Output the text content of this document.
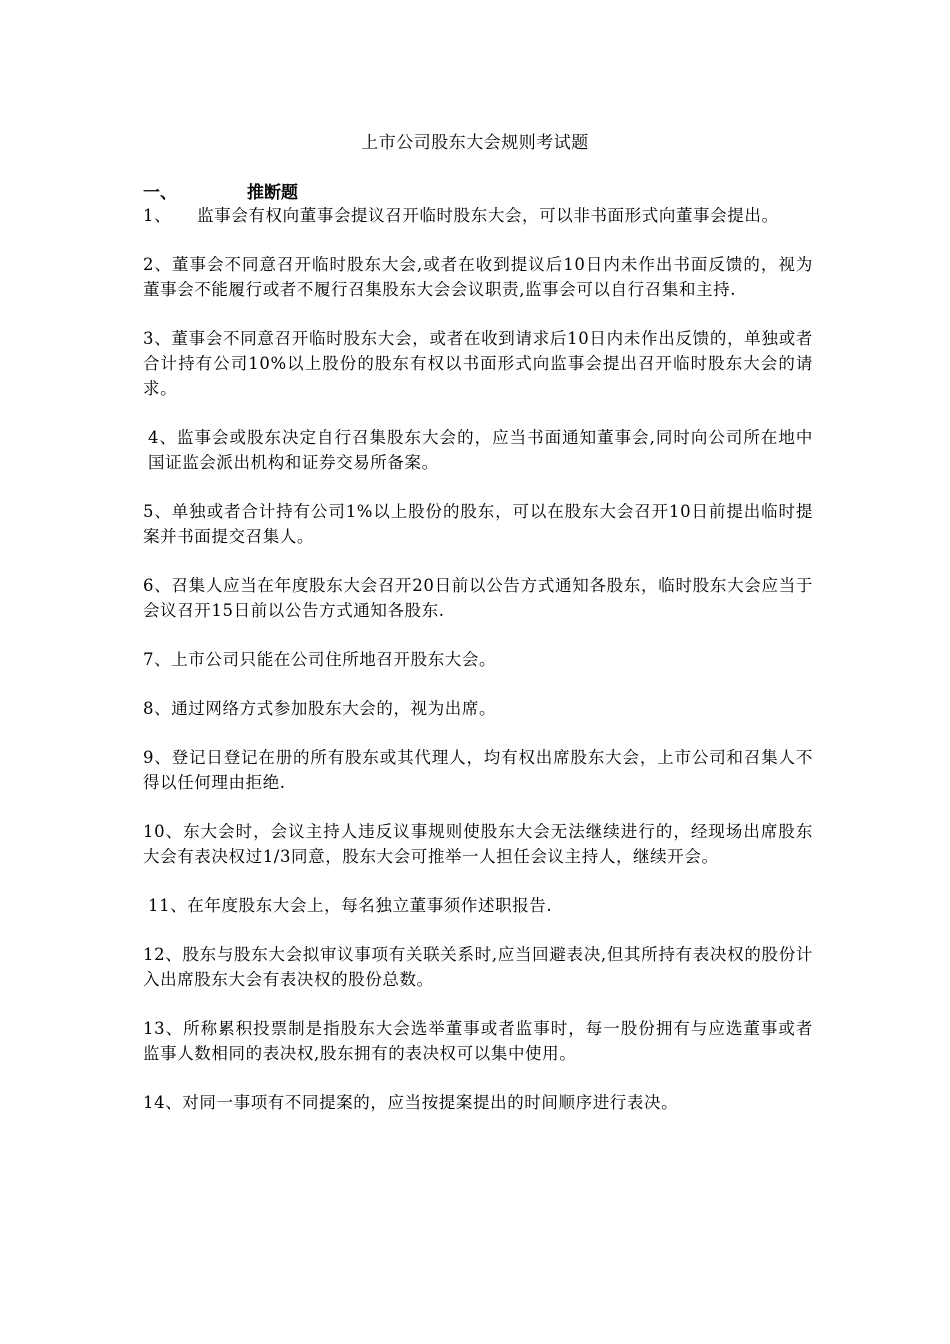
上市公司股东大会规则考试题
一、	推断题

1、　　监事会有权向董事会提议召开临时股东大会，可以非书面形式向董事会提出。

2、董事会不同意召开临时股东大会,或者在收到提议后10日内未作出书面反馈的，视为董事会不能履行或者不履行召集股东大会会议职责,监事会可以自行召集和主持.

3、董事会不同意召开临时股东大会，或者在收到请求后10日内未作出反馈的，单独或者合计持有公司10%以上股份的股东有权以书面形式向监事会提出召开临时股东大会的请求。

4、监事会或股东决定自行召集股东大会的，应当书面通知董事会,同时向公司所在地中国证监会派出机构和证券交易所备案。

5、单独或者合计持有公司1%以上股份的股东，可以在股东大会召开10日前提出临时提案并书面提交召集人。

6、召集人应当在年度股东大会召开20日前以公告方式通知各股东，临时股东大会应当于会议召开15日前以公告方式通知各股东.

7、上市公司只能在公司住所地召开股东大会。

8、通过网络方式参加股东大会的，视为出席。

9、登记日登记在册的所有股东或其代理人，均有权出席股东大会，上市公司和召集人不得以任何理由拒绝.

10、东大会时，会议主持人违反议事规则使股东大会无法继续进行的，经现场出席股东大会有表决权过1/3同意，股东大会可推举一人担任会议主持人，继续开会。

11、在年度股东大会上，每名独立董事须作述职报告.

12、股东与股东大会拟审议事项有关联关系时,应当回避表决,但其所持有表决权的股份计入出席股东大会有表决权的股份总数。

13、所称累积投票制是指股东大会选举董事或者监事时，每一股份拥有与应选董事或者监事人数相同的表决权,股东拥有的表决权可以集中使用。

14、对同一事项有不同提案的，应当按提案提出的时间顺序进行表决。
